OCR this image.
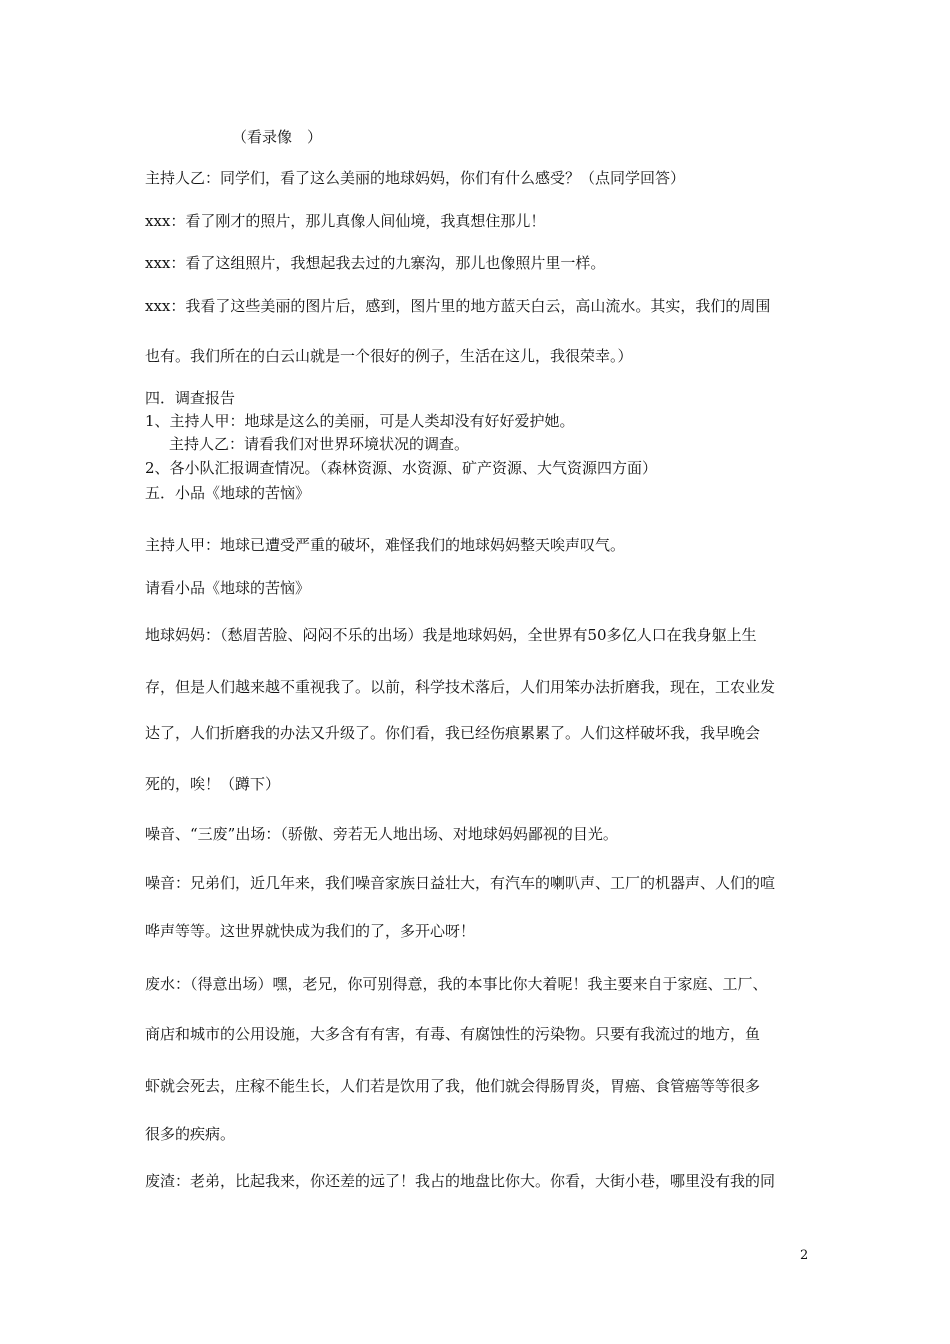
（看录像　）
主持人乙：同学们，看了这么美丽的地球妈妈，你们有什么感受？（点同学回答）
xxx：看了刚才的照片，那儿真像人间仙境，我真想住那儿！
xxx：看了这组照片，我想起我去过的九寨沟，那儿也像照片里一样。
xxx：我看了这些美丽的图片后，感到，图片里的地方蓝天白云，高山流水。其实，我们的周围
也有。我们所在的白云山就是一个很好的例子，生活在这儿，我很荣幸。）
四．调查报告
1、主持人甲：地球是这么的美丽，可是人类却没有好好爱护她。
主持人乙：请看我们对世界环境状况的调查。
2、各小队汇报调查情况。（森林资源、水资源、矿产资源、大气资源四方面）
五．小品《地球的苦恼》
主持人甲：地球已遭受严重的破坏，难怪我们的地球妈妈整天唉声叹气。
请看小品《地球的苦恼》
地球妈妈：（愁眉苦脸、闷闷不乐的出场）我是地球妈妈，全世界有50多亿人口在我身躯上生
存，但是人们越来越不重视我了。以前，科学技术落后，人们用笨办法折磨我，现在，工农业发
达了，人们折磨我的办法又升级了。你们看，我已经伤痕累累了。人们这样破坏我，我早晚会
死的，唉！（蹲下）
噪音、“三废”出场：（骄傲、旁若无人地出场、对地球妈妈鄙视的目光。
噪音：兄弟们，近几年来，我们噪音家族日益壮大，有汽车的喇叭声、工厂的机器声、人们的喧
哗声等等。这世界就快成为我们的了，多开心呀！
废水：（得意出场）嘿，老兄，你可别得意，我的本事比你大着呢！我主要来自于家庭、工厂、
商店和城市的公用设施，大多含有有害，有毒、有腐蚀性的污染物。只要有我流过的地方，鱼
虾就会死去，庄稼不能生长，人们若是饮用了我，他们就会得肠胃炎，胃癌、食管癌等等很多
很多的疾病。
废渣：老弟，比起我来，你还差的远了！我占的地盘比你大。你看，大街小巷，哪里没有我的同
2
